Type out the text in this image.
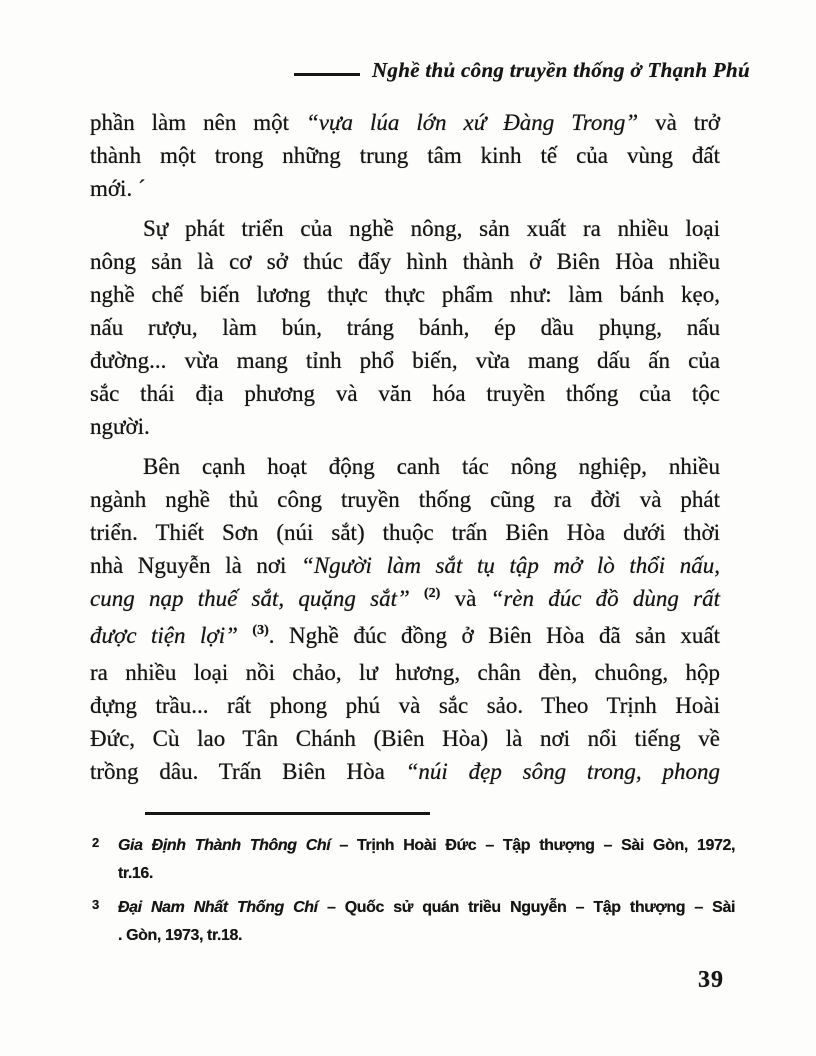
Nghề thủ công truyền thống ở Thạnh Phú
phần làm nên một “vựa lúa lớn xứ Đàng Trong” và trở
thành một trong những trung tâm kinh tế của vùng đất
mới. ´
Sự phát triển của nghề nông, sản xuất ra nhiều loại
nông sản là cơ sở thúc đẩy hình thành ở Biên Hòa nhiều
nghề chế biến lương thực thực phẩm như: làm bánh kẹo,
nấu rượu, làm bún, tráng bánh, ép dầu phụng, nấu
đường... vừa mang tỉnh phổ biến, vừa mang dấu ấn của
sắc thái địa phương và văn hóa truyền thống của tộc
người.
Bên cạnh hoạt động canh tác nông nghiệp, nhiều
ngành nghề thủ công truyền thống cũng ra đời và phát
triển. Thiết Sơn (núi sắt) thuộc trấn Biên Hòa dưới thời
nhà Nguyễn là nơi “Người làm sắt tụ tập mở lò thổi nấu,
cung nạp thuế sắt, quặng sắt” $^{(2)}$ và “rèn đúc đồ dùng rất
được tiện lợi” $^{(3)}$. Nghề đúc đồng ở Biên Hòa đã sản xuất
ra nhiều loại nồi chảo, lư hương, chân đèn, chuông, hộp
đựng trầu... rất phong phú và sắc sảo. Theo Trịnh Hoài
Đức, Cù lao Tân Chánh (Biên Hòa) là nơi nổi tiếng về
trồng dâu. Trấn Biên Hòa “núi đẹp sông trong, phong
2 Gia Định Thành Thông Chí – Trịnh Hoài Đức – Tập thượng – Sài Gòn, 1972,
tr.16.
3 Đại Nam Nhất Thống Chí – Quốc sử quán triều Nguyễn – Tập thượng – Sài
. Gòn, 1973, tr.18.
39
